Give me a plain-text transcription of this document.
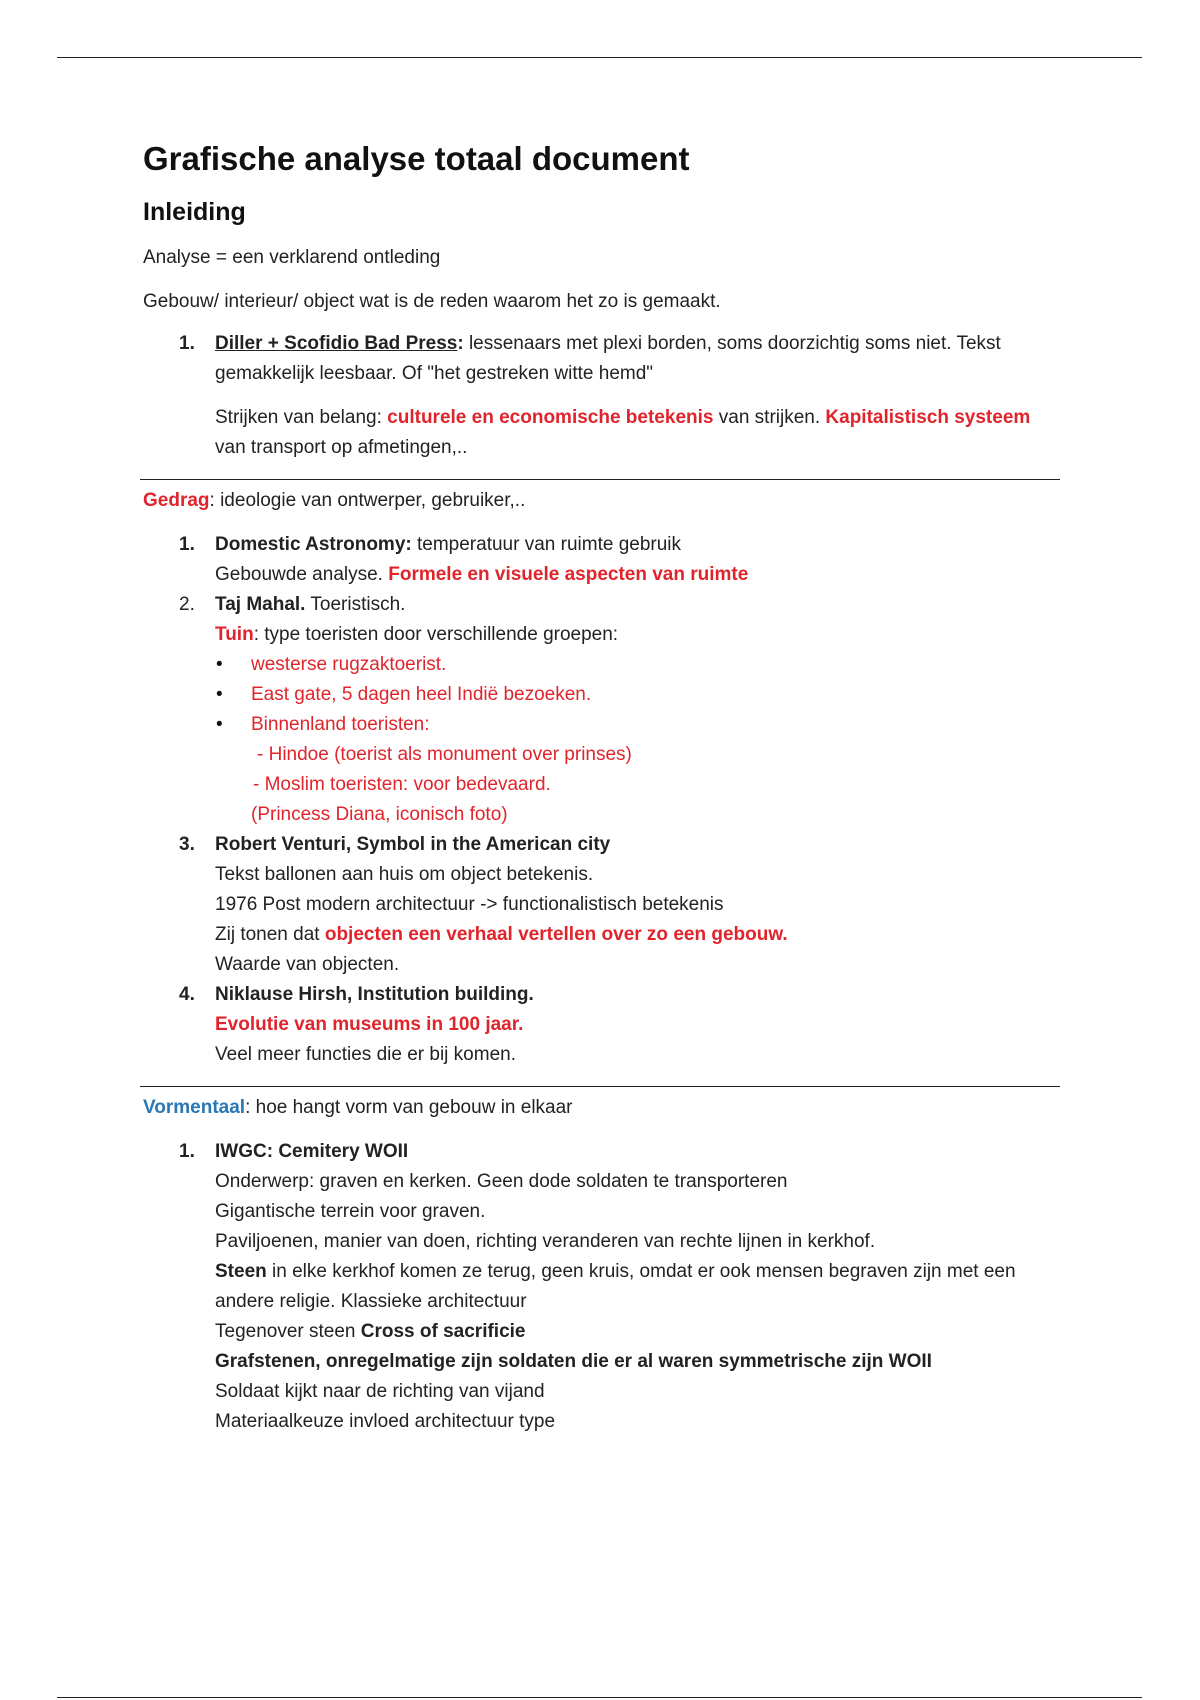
Grafische analyse totaal document
Inleiding

Analyse = een verklarend ontleding

Gebouw/ interieur/ object wat is de reden waarom het zo is gemaakt.

1. Diller + Scofidio Bad Press: lessenaars met plexi borden, soms doorzichtig soms niet. Tekst gemakkelijk leesbaar. Of "het gestreken witte hemd"
Strijken van belang: culturele en economische betekenis van strijken. Kapitalistisch systeem van transport op afmetingen,..

Gedrag: ideologie van ontwerper, gebruiker,..

1. Domestic Astronomy: temperatuur van ruimte gebruik
Gebouwde analyse. Formele en visuele aspecten van ruimte
2. Taj Mahal. Toeristisch.
Tuin: type toeristen door verschillende groepen:
• westerse rugzaktoerist.
• East gate, 5 dagen heel Indië bezoeken.
• Binnenland toeristen:

- Hindoe (toerist als monument over prinses)

- Moslim toeristen: voor bedevaard.

(Princess Diana, iconisch foto)

3. Robert Venturi, Symbol in the American city
Tekst ballonen aan huis om object betekenis.
1976 Post modern architectuur -> functionalistisch betekenis
Zij tonen dat objecten een verhaal vertellen over zo een gebouw.
Waarde van objecten.
4. Niklause Hirsh, Institution building.
Evolutie van museums in 100 jaar.
Veel meer functies die er bij komen.

Vormentaal: hoe hangt vorm van gebouw in elkaar

1. IWGC: Cemitery WOII
Onderwerp: graven en kerken. Geen dode soldaten te transporteren
Gigantische terrein voor graven.
Paviljoenen, manier van doen, richting veranderen van rechte lijnen in kerkhof.
Steen in elke kerkhof komen ze terug, geen kruis, omdat er ook mensen begraven zijn met een andere religie. Klassieke architectuur
Tegenover steen Cross of sacrificie
Grafstenen, onregelmatige zijn soldaten die er al waren symmetrische zijn WOII
Soldaat kijkt naar de richting van vijand
Materiaalkeuze invloed architectuur type
